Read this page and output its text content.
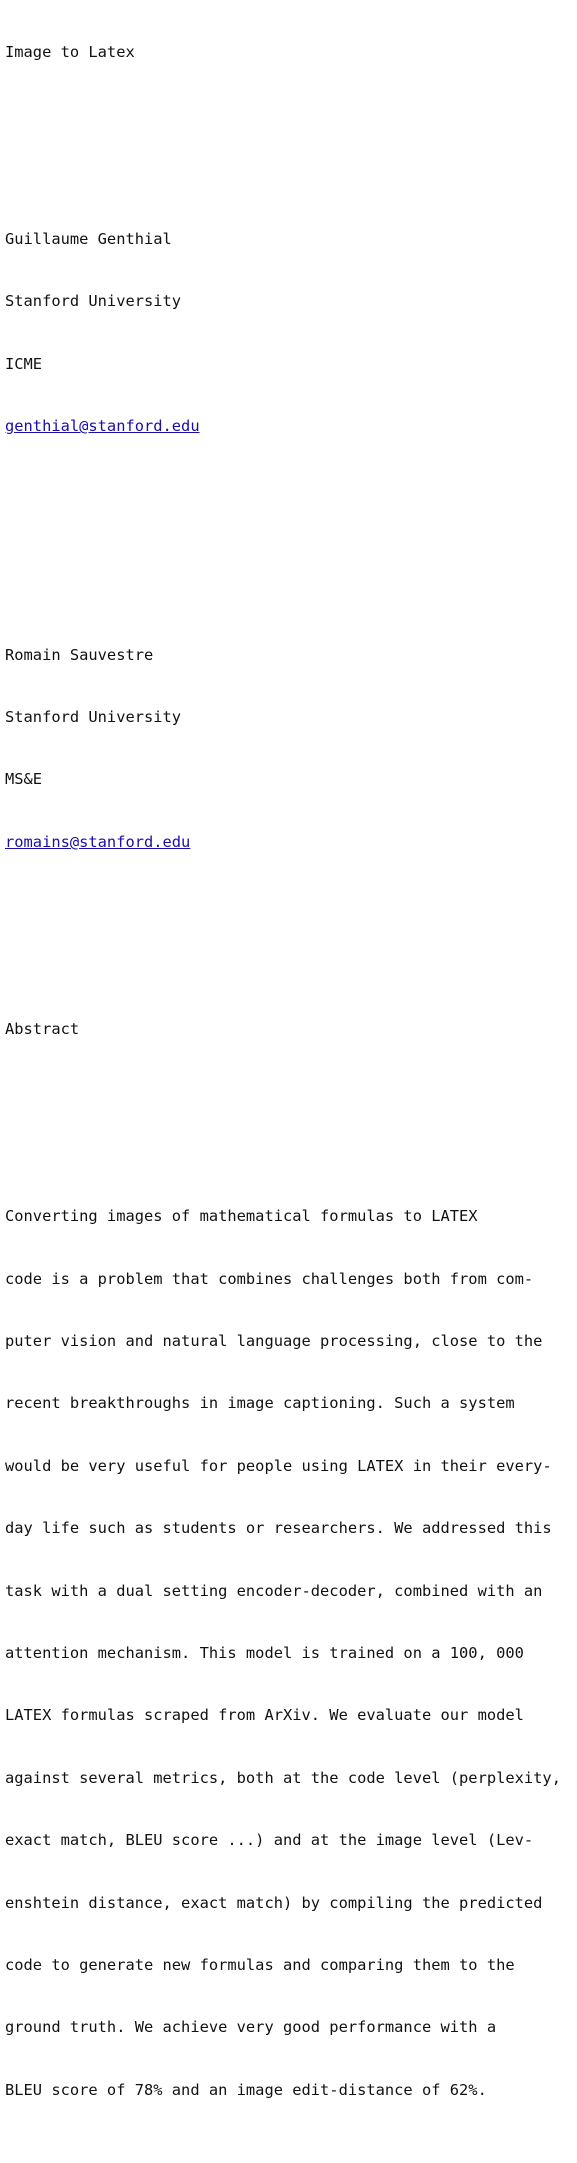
Image to Latex

Guillaume Genthial

Stanford University

ICME

genthial@stanford.edu

Romain Sauvestre

Stanford University

MS&E

romains@stanford.edu

Abstract

Converting images of mathematical formulas to LATEX

code is a problem that combines challenges both from com-

puter vision and natural language processing, close to the

recent breakthroughs in image captioning. Such a system

would be very useful for people using LATEX in their every-

day life such as students or researchers. We addressed this

task with a dual setting encoder-decoder, combined with an

attention mechanism. This model is trained on a 100, 000

LATEX formulas scraped from ArXiv. We evaluate our model

against several metrics, both at the code level (perplexity,

exact match, BLEU score ...) and at the image level (Lev-

enshtein distance, exact match) by compiling the predicted

code to generate new formulas and comparing them to the

ground truth. We achieve very good performance with a

BLEU score of 78% and an image edit-distance of 62%.
